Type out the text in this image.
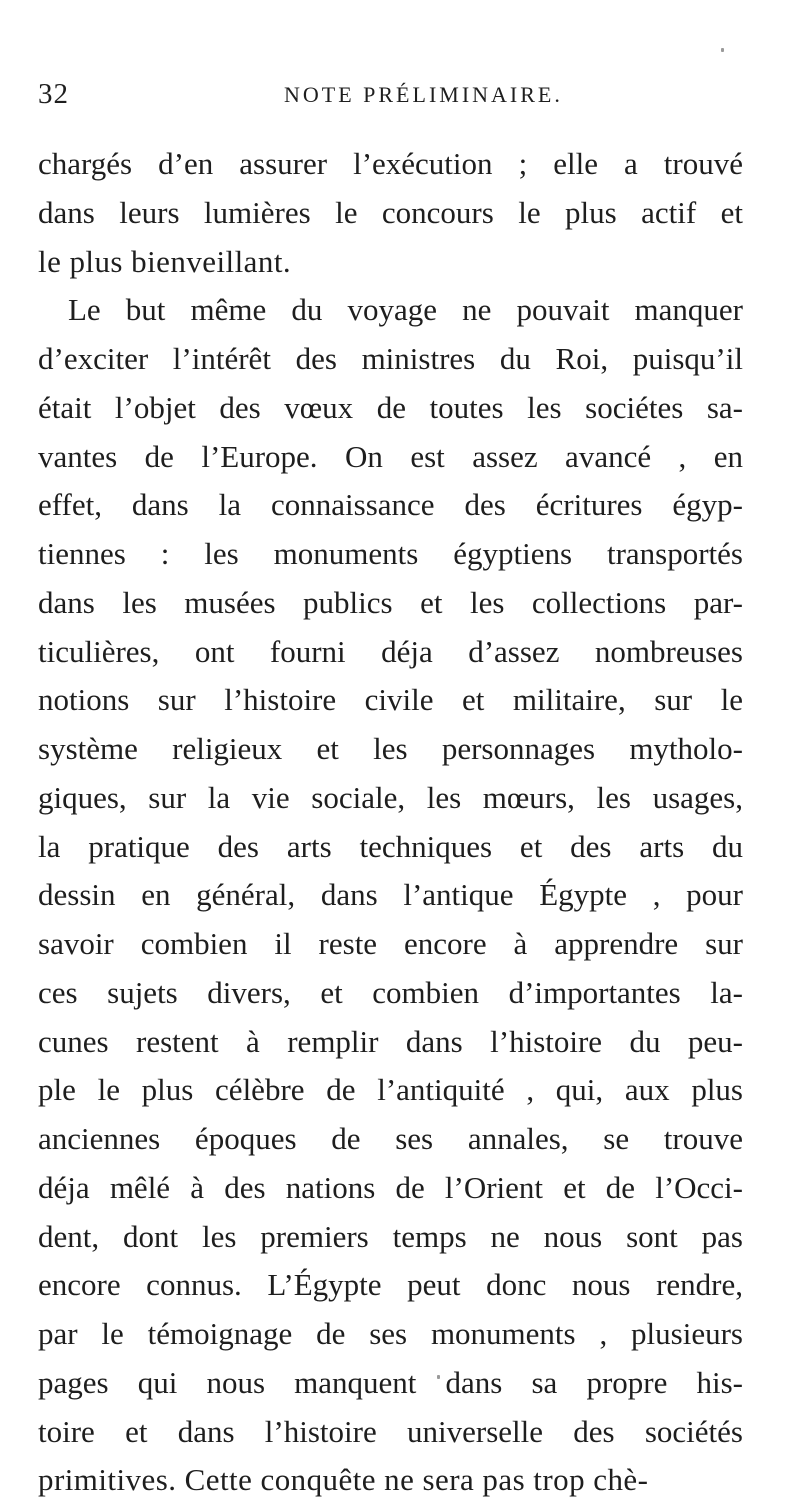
32	NOTE PRÉLIMINAIRE.
chargés d’en assurer l’exécution ; elle a trouvé
dans leurs lumières le concours le plus actif et
le plus bienveillant.
Le but même du voyage ne pouvait manquer
d’exciter l’intérêt des ministres du Roi, puisqu’il
était l’objet des vœux de toutes les sociétes sa-
vantes de l’Europe. On est assez avancé , en
effet, dans la connaissance des écritures égyp-
tiennes : les monuments égyptiens transportés
dans les musées publics et les collections par-
ticulières, ont fourni déja d’assez nombreuses
notions sur l’histoire civile et militaire, sur le
système religieux et les personnages mytholo-
giques, sur la vie sociale, les mœurs, les usages,
la pratique des arts techniques et des arts du
dessin en général, dans l’antique Égypte , pour
savoir combien il reste encore à apprendre sur
ces sujets divers, et combien d’importantes la-
cunes restent à remplir dans l’histoire du peu-
ple le plus célèbre de l’antiquité , qui, aux plus
anciennes époques de ses annales, se trouve
déja mêlé à des nations de l’Orient et de l’Occi-
dent, dont les premiers temps ne nous sont pas
encore connus. L’Égypte peut donc nous rendre,
par le témoignage de ses monuments , plusieurs
pages qui nous manquent dans sa propre his-
toire et dans l’histoire universelle des sociétés
primitives. Cette conquête ne sera pas trop chè-
